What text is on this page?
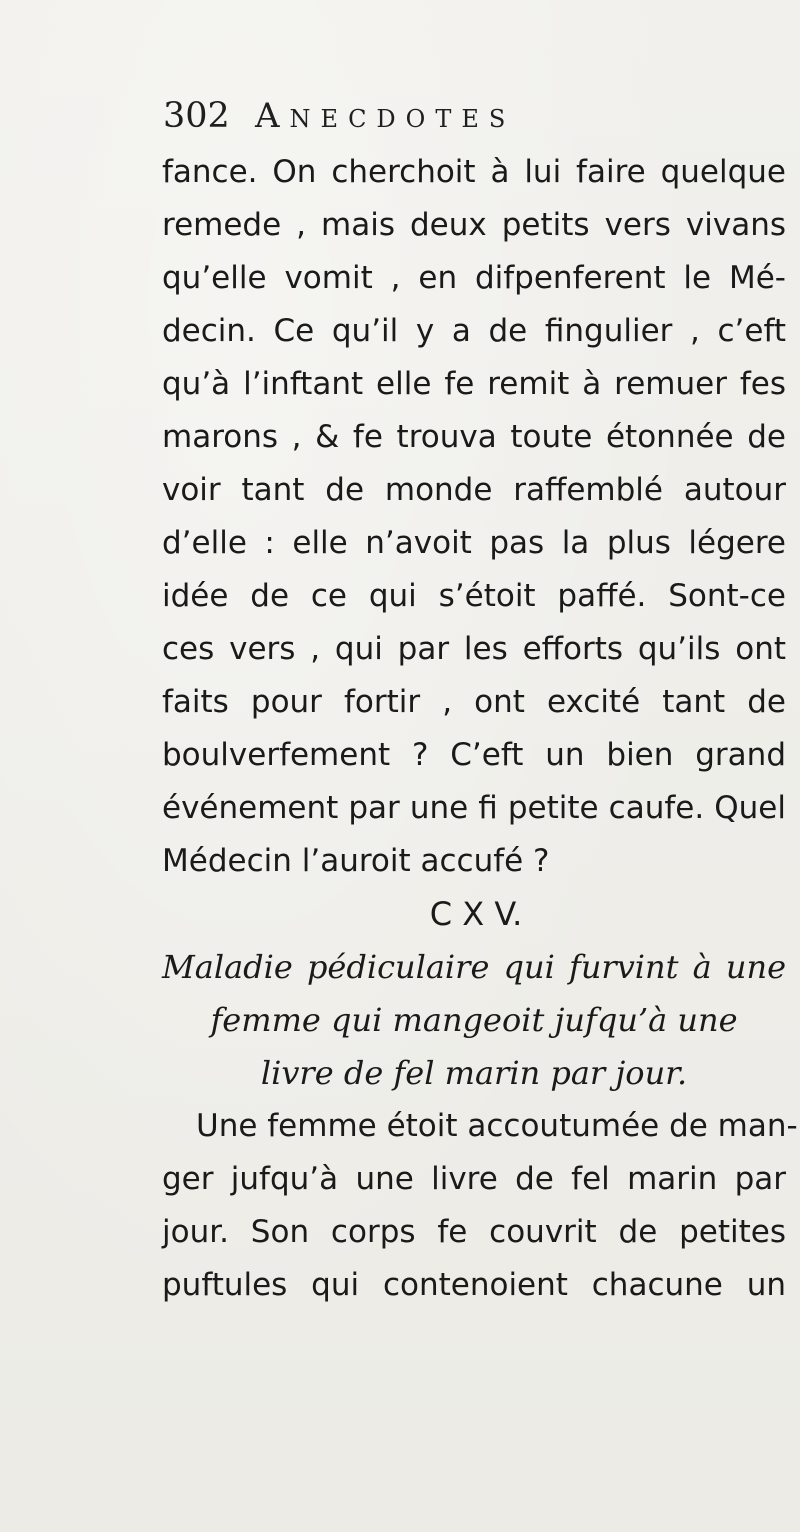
302 Anecdotes
fance. On cherchoit à lui faire quelque
remede , mais deux petits vers vivans
qu’elle vomit , en difpenferent le Mé-
decin. Ce qu’il y a de fingulier , c’eft
qu’à l’inftant elle fe remit à remuer fes
marons , & fe trouva toute étonnée de
voir tant de monde raffemblé autour
d’elle : elle n’avoit pas la plus légere
idée de ce qui s’étoit paffé. Sont-ce
ces vers , qui par les efforts qu’ils ont
faits pour fortir , ont excité tant de
boulverfement ? C’eft un bien grand
événement par une fi petite caufe. Quel
Médecin l’auroit accufé ?
C X V.
Maladie pédiculaire qui furvint à une
femme qui mangeoit jufqu’à une
livre de fel marin par jour.
Une femme étoit accoutumée de man-
ger jufqu’à une livre de fel marin par
jour. Son corps fe couvrit de petites
puftules qui contenoient chacune un
